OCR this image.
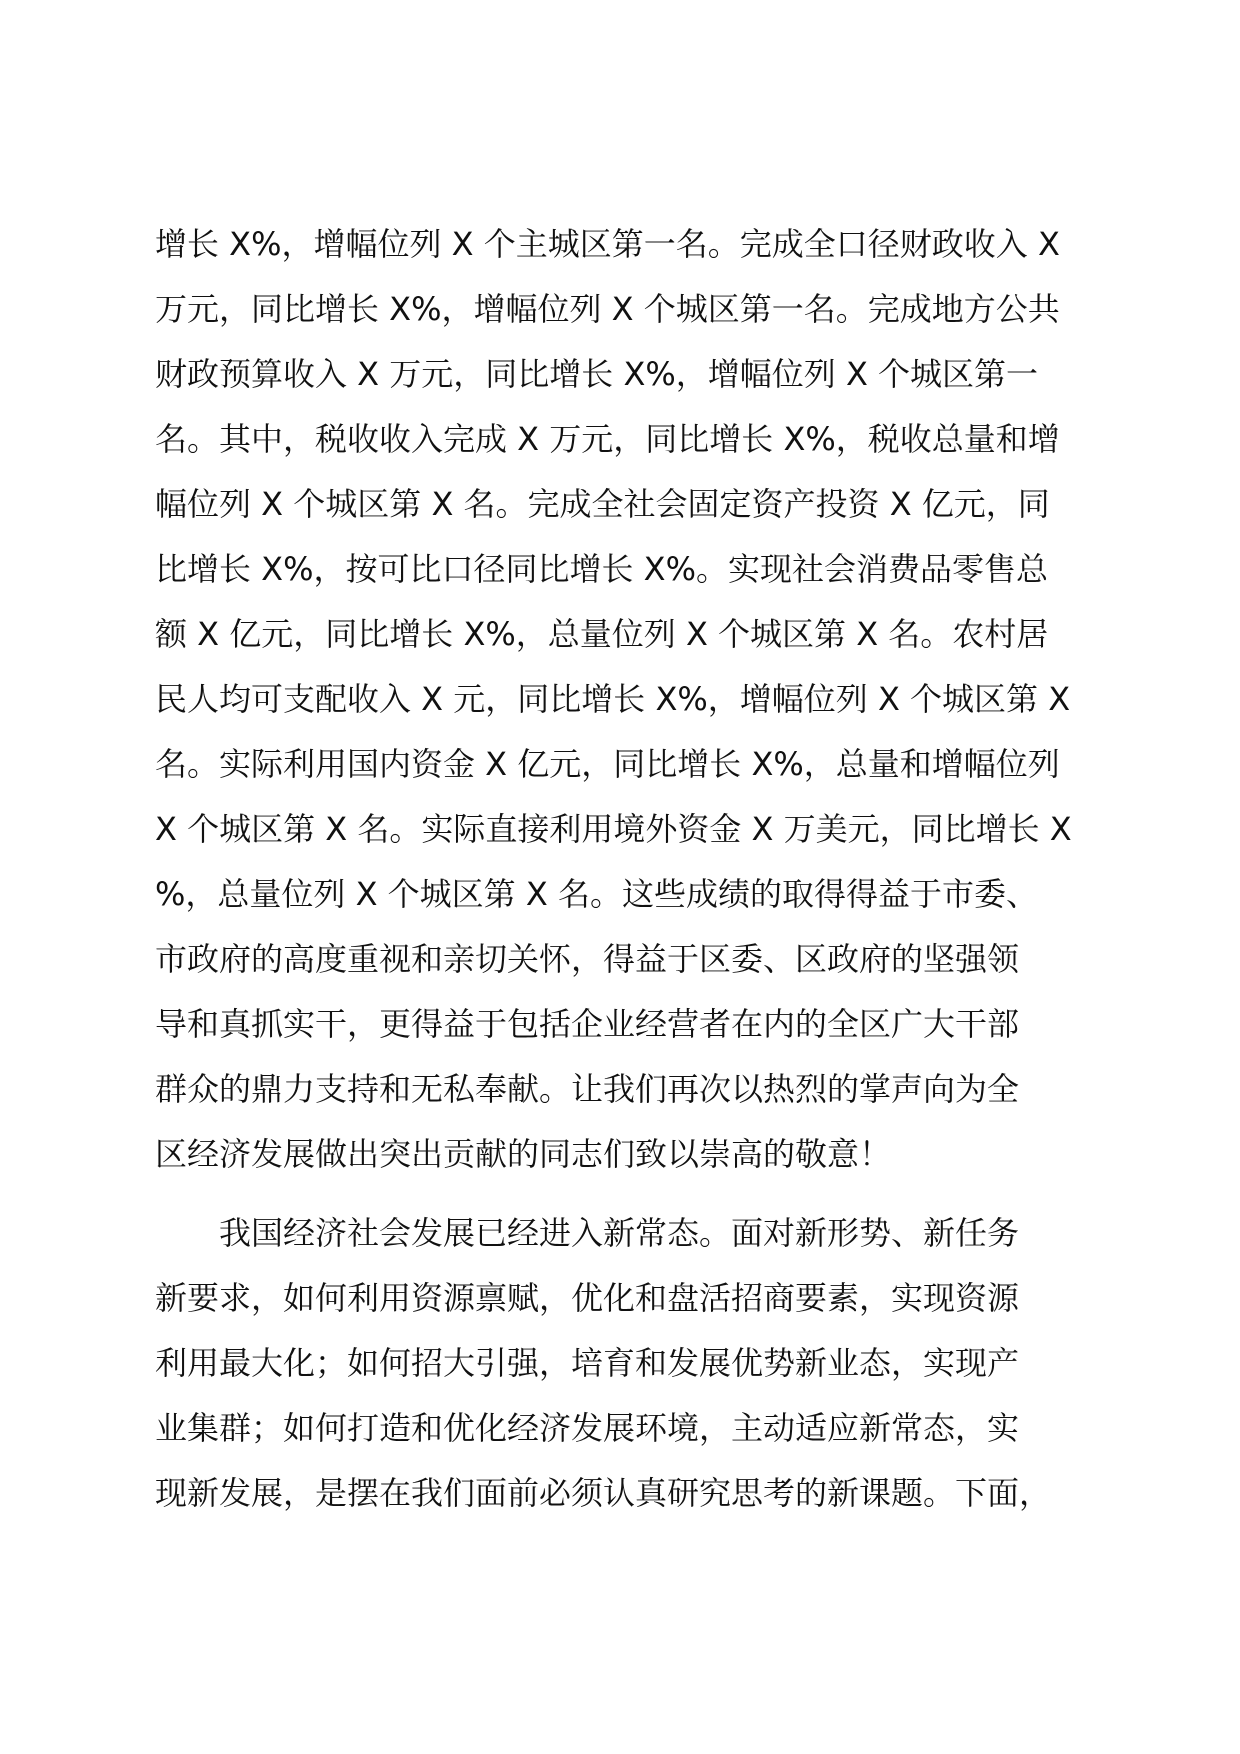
增长 X%，增幅位列 X 个主城区第一名。完成全口径财政收入 X
万元，同比增长 X%，增幅位列 X 个城区第一名。完成地方公共
财政预算收入 X 万元，同比增长 X%，增幅位列 X 个城区第一
名。其中，税收收入完成 X 万元，同比增长 X%，税收总量和增
幅位列 X 个城区第 X 名。完成全社会固定资产投资 X 亿元，同
比增长 X%，按可比口径同比增长 X%。实现社会消费品零售总
额 X 亿元，同比增长 X%，总量位列 X 个城区第 X 名。农村居
民人均可支配收入 X 元，同比增长 X%，增幅位列 X 个城区第 X
名。实际利用国内资金 X 亿元，同比增长 X%，总量和增幅位列
X 个城区第 X 名。实际直接利用境外资金 X 万美元，同比增长 X
%，总量位列 X 个城区第 X 名。这些成绩的取得得益于市委、
市政府的高度重视和亲切关怀，得益于区委、区政府的坚强领
导和真抓实干，更得益于包括企业经营者在内的全区广大干部
群众的鼎力支持和无私奉献。让我们再次以热烈的掌声向为全
区经济发展做出突出贡献的同志们致以崇高的敬意！
　　我国经济社会发展已经进入新常态。面对新形势、新任务
新要求，如何利用资源禀赋，优化和盘活招商要素，实现资源
利用最大化；如何招大引强，培育和发展优势新业态，实现产
业集群；如何打造和优化经济发展环境，主动适应新常态，实
现新发展，是摆在我们面前必须认真研究思考的新课题。下面，
